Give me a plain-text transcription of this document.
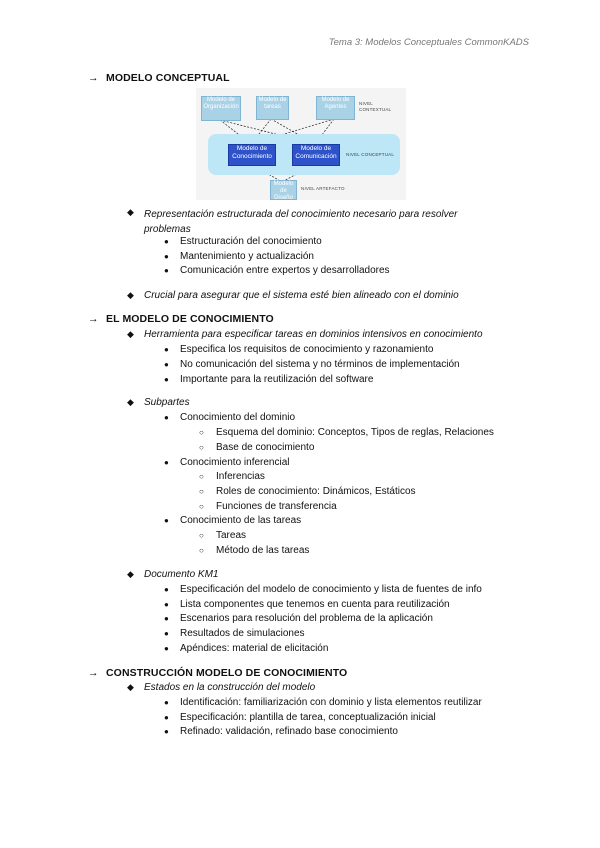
Tema 3: Modelos Conceptuales CommonKADS
→ MODELO CONCEPTUAL
Modelo de Organización
Modelo de tareas
Modelo de Agentes
NIVEL CONTEXTUAL
Modelo de Conocimiento
Modelo de Comunicación	NIVEL CONCEPTUAL
Modelo de Diseño
NIVEL ARTEFACTO
◆ Representación estructurada del conocimiento necesario para resolver problemas
● Estructuración del conocimiento
● Mantenimiento y actualización
● Comunicación entre expertos y desarrolladores
◆ Crucial para asegurar que el sistema esté bien alineado con el dominio
→ EL MODELO DE CONOCIMIENTO
◆ Herramienta para especificar tareas en dominios intensivos en conocimiento
● Especifica los requisitos de conocimiento y razonamiento
● No comunicación del sistema y no términos de implementación
● Importante para la reutilización del software
◆ Subpartes
● Conocimiento del dominio
○ Esquema del dominio: Conceptos, Tipos de reglas, Relaciones
○ Base de conocimiento
● Conocimiento inferencial
○ Inferencias
○ Roles de conocimiento: Dinámicos, Estáticos
○ Funciones de transferencia
● Conocimiento de las tareas
○ Tareas
○ Método de las tareas
◆ Documento KM1
● Especificación del modelo de conocimiento y lista de fuentes de info
● Lista componentes que tenemos en cuenta para reutilización
● Escenarios para resolución del problema de la aplicación
● Resultados de simulaciones
● Apéndices: material de elicitación
→ CONSTRUCCIÓN MODELO DE CONOCIMIENTO
◆ Estados en la construcción del modelo
● Identificación: familiarización con dominio y lista elementos reutilizar
● Especificación: plantilla de tarea, conceptualización inicial
● Refinado: validación, refinado base conocimiento
